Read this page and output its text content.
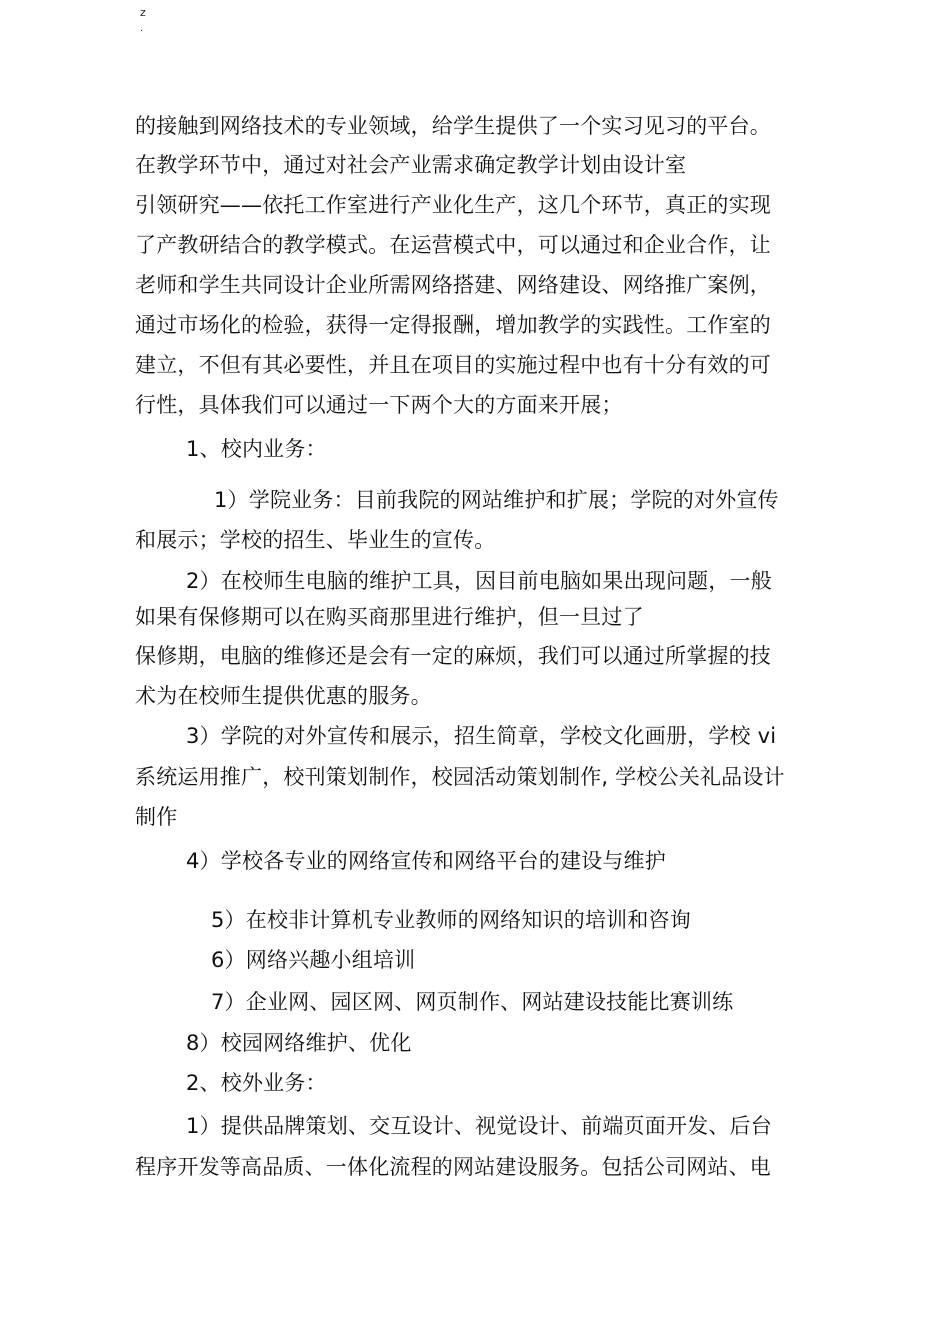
z
.
的接触到网络技术的专业领域，给学生提供了一个实习见习的平台。
在教学环节中，通过对社会产业需求确定教学计划由设计室
引领研究——依托工作室进行产业化生产，这几个环节，真正的实现
了产教研结合的教学模式。在运营模式中，可以通过和企业合作，让
老师和学生共同设计企业所需网络搭建、网络建设、网络推广案例，
通过市场化的检验，获得一定得报酬，增加教学的实践性。工作室的
建立，不但有其必要性，并且在项目的实施过程中也有十分有效的可
行性，具体我们可以通过一下两个大的方面来开展；
1、校内业务：
1）学院业务：目前我院的网站维护和扩展；学院的对外宣传
和展示；学校的招生、毕业生的宣传。
2）在校师生电脑的维护工具，因目前电脑如果出现问题，一般
如果有保修期可以在购买商那里进行维护，但一旦过了
保修期，电脑的维修还是会有一定的麻烦，我们可以通过所掌握的技
术为在校师生提供优惠的服务。
3）学院的对外宣传和展示，招生简章，学校文化画册，学校 vi
系统运用推广，校刊策划制作，校园活动策划制作, 学校公关礼品设计
制作
4）学校各专业的网络宣传和网络平台的建设与维护
5）在校非计算机专业教师的网络知识的培训和咨询
6）网络兴趣小组培训
7）企业网、园区网、网页制作、网站建设技能比赛训练
8）校园网络维护、优化
2、校外业务：
1）提供品牌策划、交互设计、视觉设计、前端页面开发、后台
程序开发等高品质、一体化流程的网站建设服务。包括公司网站、电
